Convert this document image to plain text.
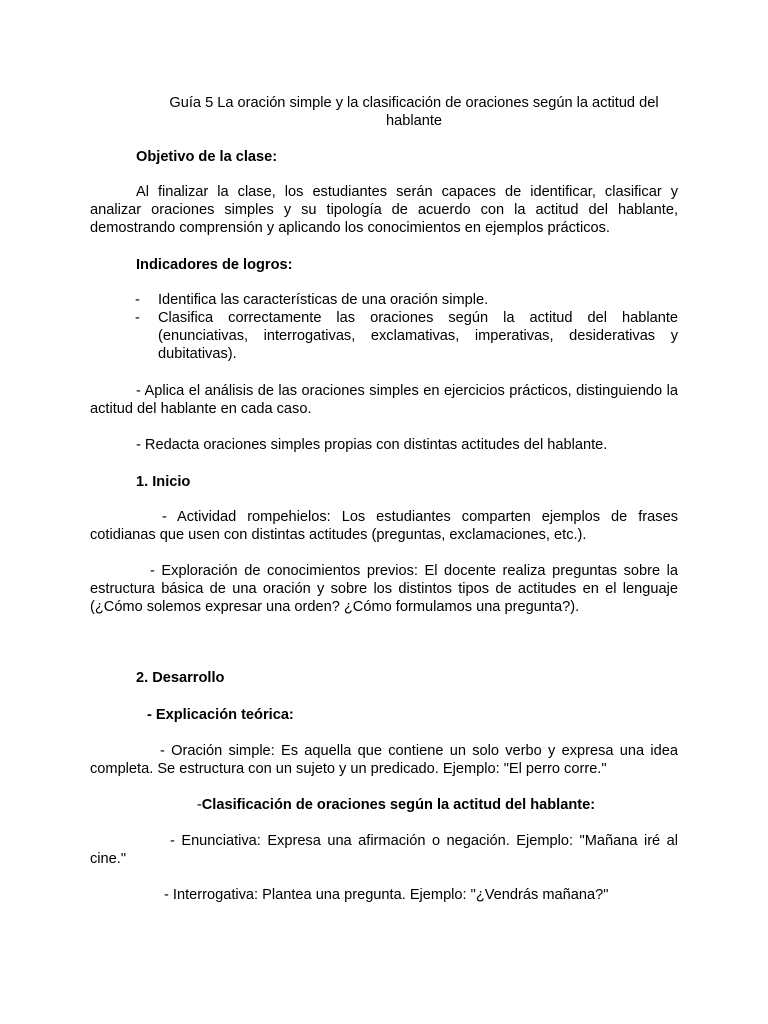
Guía 5 La oración simple y la clasificación de oraciones según la actitud del hablante

Objetivo de la clase:

Al finalizar la clase, los estudiantes serán capaces de identificar, clasificar y analizar oraciones simples y su tipología de acuerdo con la actitud del hablante, demostrando comprensión y aplicando los conocimientos en ejemplos prácticos.

Indicadores de logros:

- Identifica las características de una oración simple.
- Clasifica correctamente las oraciones según la actitud del hablante (enunciativas, interrogativas, exclamativas, imperativas, desiderativas y dubitativas).

- Aplica el análisis de las oraciones simples en ejercicios prácticos, distinguiendo la actitud del hablante en cada caso.

- Redacta oraciones simples propias con distintas actitudes del hablante.

1. Inicio

- Actividad rompehielos: Los estudiantes comparten ejemplos de frases cotidianas que usen con distintas actitudes (preguntas, exclamaciones, etc.).

- Exploración de conocimientos previos: El docente realiza preguntas sobre la estructura básica de una oración y sobre los distintos tipos de actitudes en el lenguaje (¿Cómo solemos expresar una orden? ¿Cómo formulamos una pregunta?).

2. Desarrollo

- Explicación teórica:

- Oración simple: Es aquella que contiene un solo verbo y expresa una idea completa. Se estructura con un sujeto y un predicado. Ejemplo: "El perro corre."

-Clasificación de oraciones según la actitud del hablante:

- Enunciativa: Expresa una afirmación o negación. Ejemplo: "Mañana iré al cine."

- Interrogativa: Plantea una pregunta. Ejemplo: "¿Vendrás mañana?"
